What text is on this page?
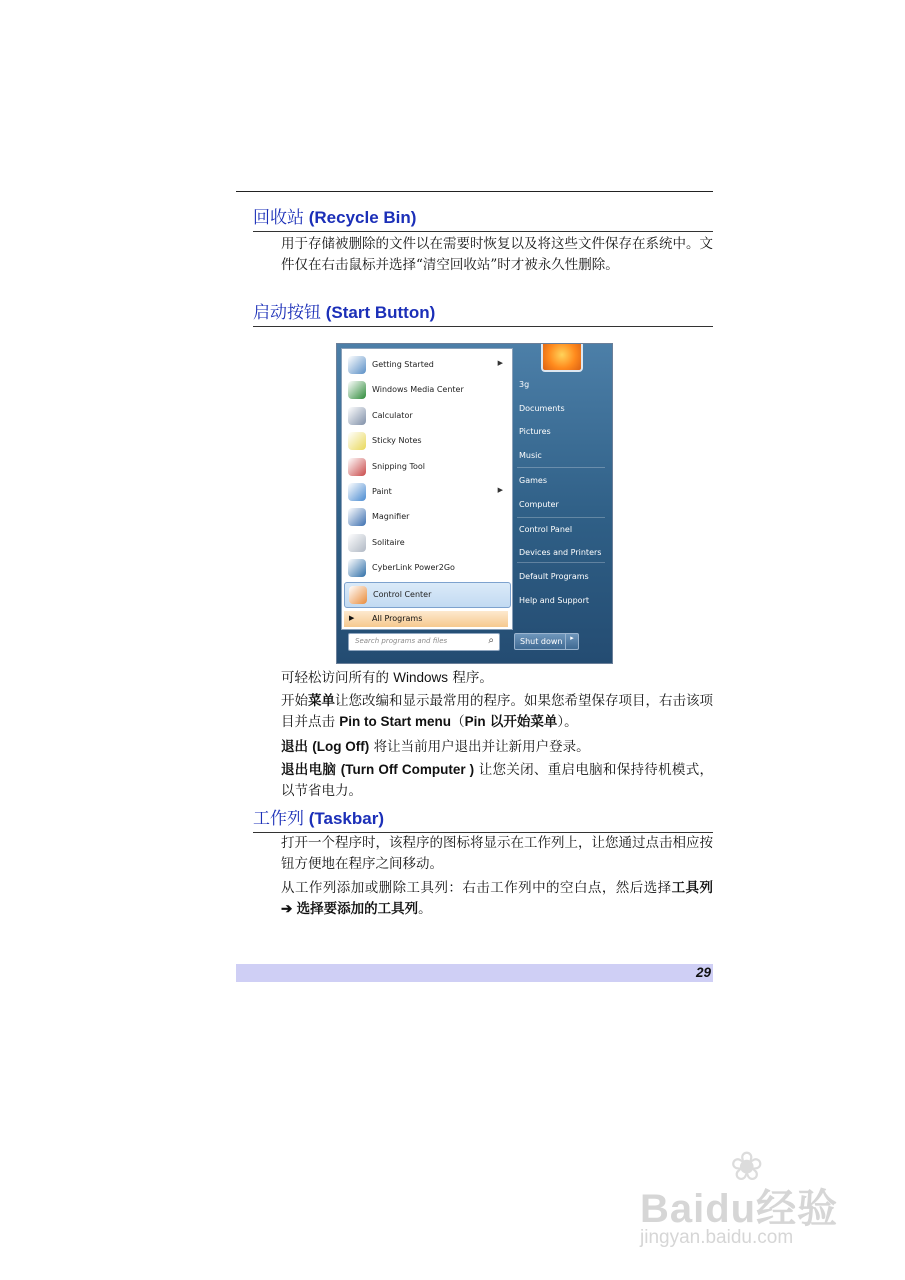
回收站 (Recycle Bin)

用于存储被删除的文件以在需要时恢复以及将这些文件保存在系统中。文件仅在右击鼠标并选择“清空回收站”时才被永久性删除。

启动按钮 (Start Button)
Getting Started	▶
Windows Media Center
Calculator
Sticky Notes
Snipping Tool
Paint	▶
Magnifier
Solitaire
CyberLink Power2Go
Control Center
▶ All Programs
3g
Documents
Pictures
Music
Games
Computer
Control Panel
Devices and Printers
Default Programs
Help and Support
Search programs and files	⌕	Shut down	▸

可轻松访问所有的 Windows 程序。

开始菜单让您改编和显示最常用的程序。如果您希望保存项目，右击该项目并点击 Pin to Start menu（Pin 以开始菜单）。

退出 (Log Off) 将让当前用户退出并让新用户登录。

退出电脑 (Turn Off Computer ) 让您关闭、重启电脑和保持待机模式，以节省电力。

工作列 (Taskbar)

打开一个程序时，该程序的图标将显示在工作列上，让您通过点击相应按钮方便地在程序之间移动。

从工作列添加或删除工具列：右击工作列中的空白点，然后选择工具列 ➔ 选择要添加的工具列。

29
❀
Baidu经验
jingyan.baidu.com
